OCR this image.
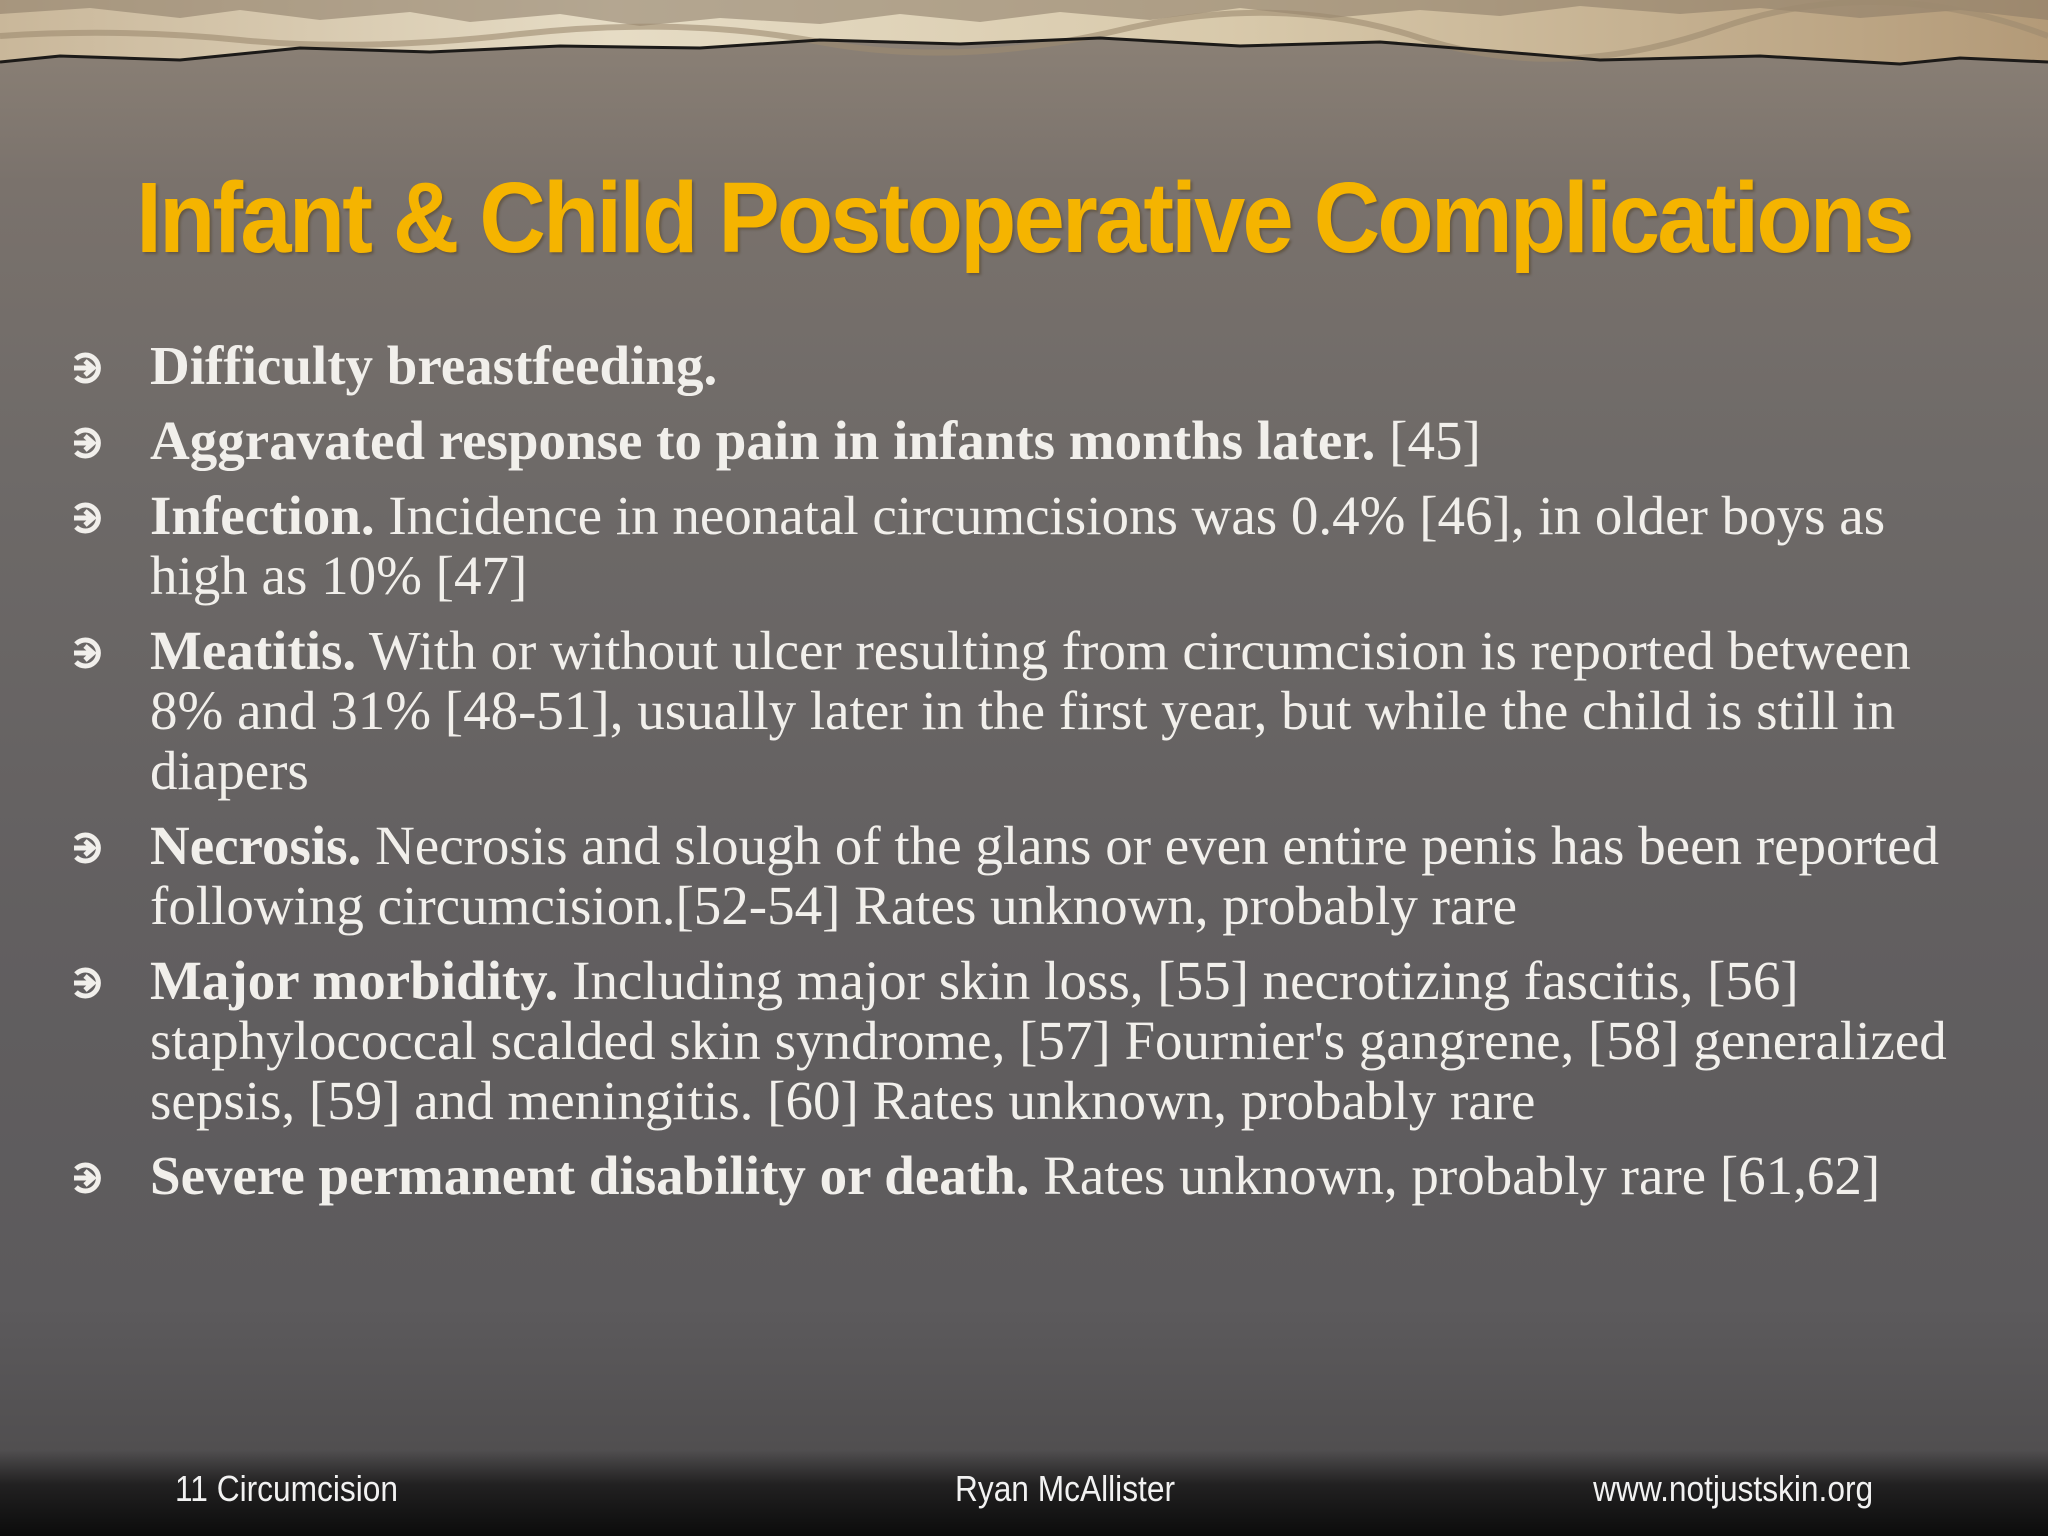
Infant & Child Postoperative Complications
Difficulty breastfeeding.
Aggravated response to pain in infants months later. [45]
Infection. Incidence in neonatal circumcisions was 0.4% [46], in older boys as high as 10% [47]
Meatitis. With or without ulcer resulting from circumcision is reported between 8% and 31% [48-51], usually later in the first year, but while the child is still in diapers
Necrosis. Necrosis and slough of the glans or even entire penis has been reported following circumcision.[52-54] Rates unknown, probably rare
Major morbidity. Including major skin loss, [55] necrotizing fascitis, [56] staphylococcal scalded skin syndrome, [57] Fournier's gangrene, [58] generalized sepsis, [59] and meningitis. [60] Rates unknown, probably rare
Severe permanent disability or death. Rates unknown, probably rare [61,62]
11 Circumcision	Ryan McAllister	www.notjustskin.org
